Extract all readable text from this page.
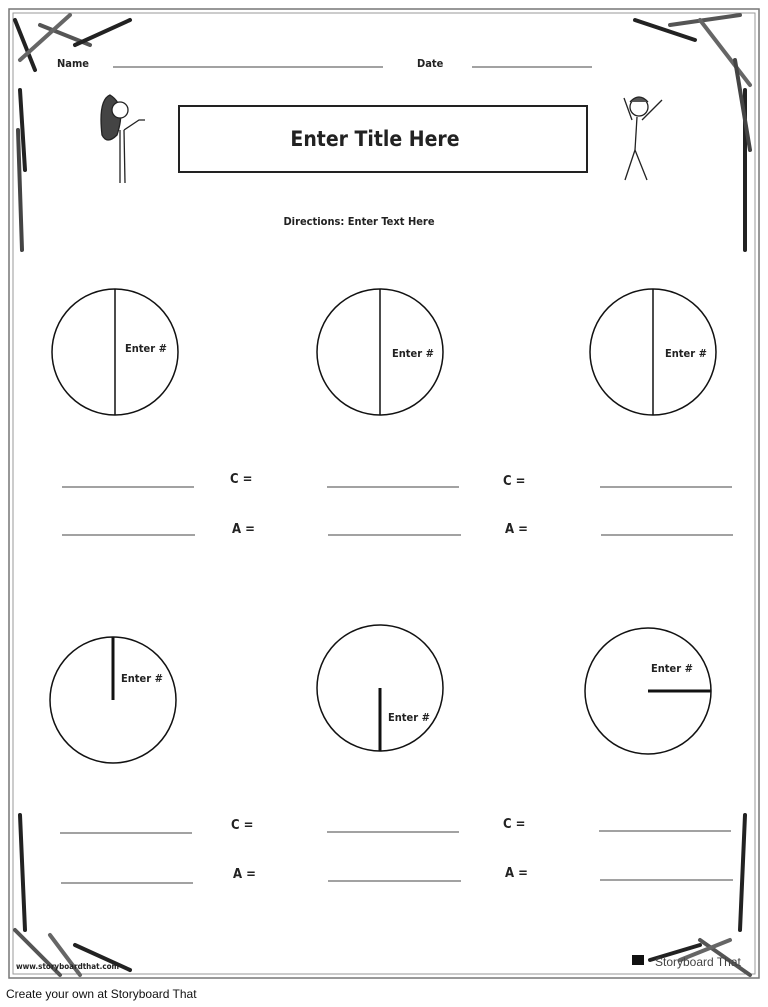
Name	Date
Enter Title Here
Directions: Enter Text Here
Enter #	Enter #	Enter #
C =	C =
A =	A =
Enter #
Enter #
Enter #
C =	C =
A =	A =
www.storyboardthat.com	Storyboard That
Create your own at Storyboard That
